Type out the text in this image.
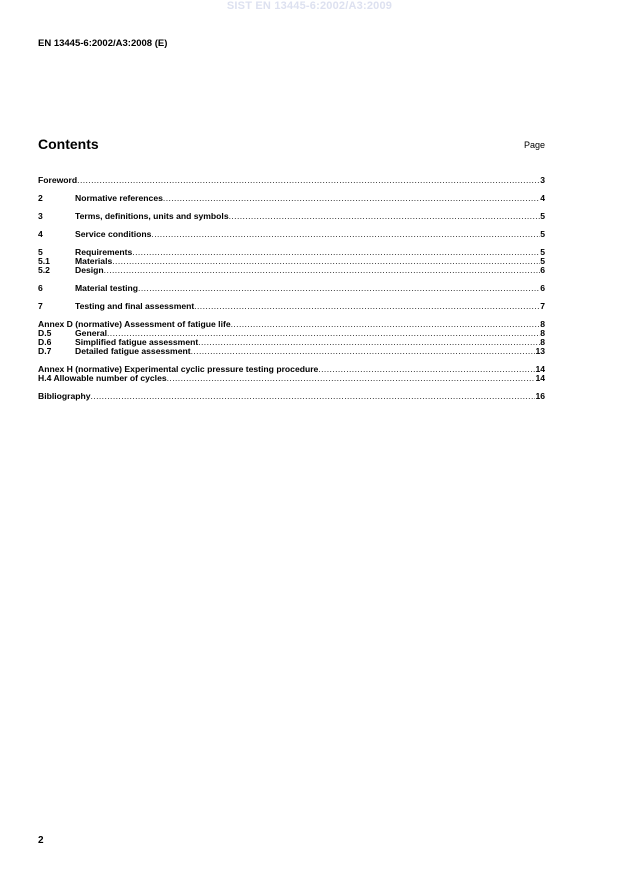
SIST EN 13445-6:2002/A3:2009
EN 13445-6:2002/A3:2008 (E)
Contents	Page
Foreword .....	3
2	Normative references .....	4
3	Terms, definitions, units and symbols .....	5
4	Service conditions .....	5
5	Requirements .....	5
5.1	Materials .....	5
5.2	Design .....	6
6	Material testing .....	6
7	Testing and final assessment .....	7
Annex D (normative) Assessment of fatigue life .....	8
D.5	General .....	8
D.6	Simplified fatigue assessment .....	8
D.7	Detailed fatigue assessment .....	13
Annex H (normative) Experimental cyclic pressure testing procedure .....	14
H.4 Allowable number of cycles .....	14
Bibliography .....	16
2
